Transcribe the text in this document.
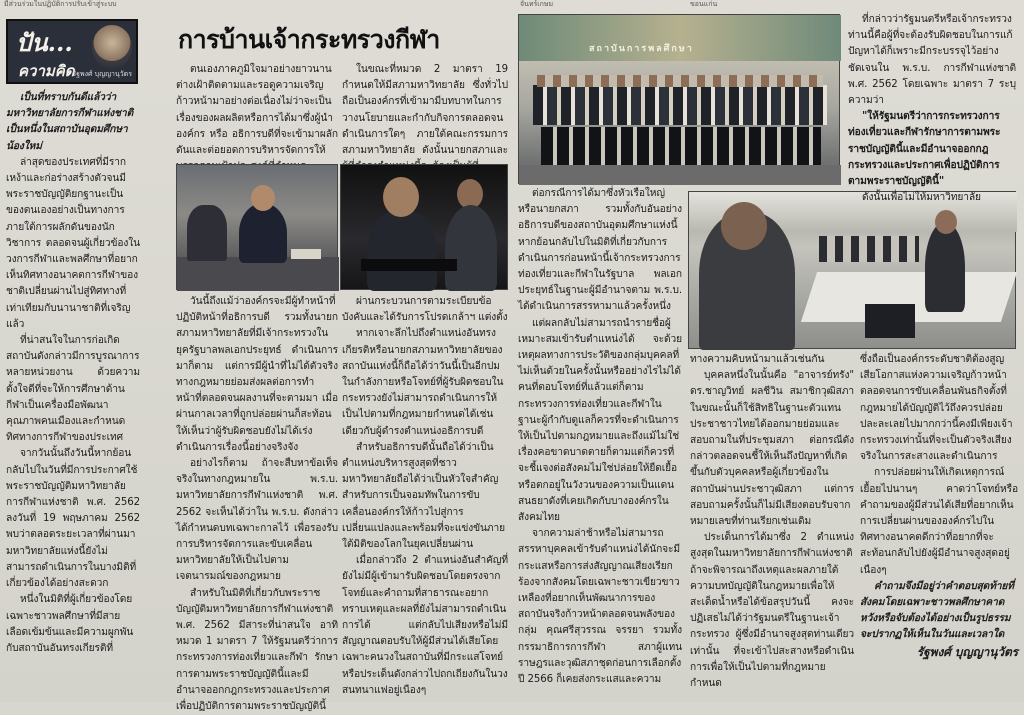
มีส่วนร่วมในปฏิบัติการปรับเข้าสู่ระบบ	จันทร์เกษม	ขอนแก่น
ปัน...
ความคิด
รัฐพงศ์ บุญญานุวัตร
การบ้านเจ้ากระทรวงกีฬา

เป็นที่ทราบกันดีแล้วว่า มหาวิทยาลัยการกีฬาแห่งชาติ เป็นหนึ่งในสถาบันอุดมศึกษาน้องใหม่

ล่าสุดของประเทศที่มีรากเหง้าและก่อร่างสร้างตัวจนมีพระราชบัญญัติยกฐานะเป็นของตนเองอย่างเป็นทางการ ภายใต้การผลักดันของนักวิชาการ ตลอดจนผู้เกี่ยวข้องในวงการกีฬาและพลศึกษาที่อยากเห็นทิศทางอนาคตการกีฬาของชาติเปลี่ยนผ่านไปสู่ทิศทางที่เท่าเทียมกับนานาชาติที่เจริญแล้ว

ที่น่าสนใจในการก่อเกิดสถาบันดังกล่าวมีการบูรณาการหลายหน่วยงาน ด้วยความตั้งใจดีที่จะให้การศึกษาด้านกีฬาเป็นเครื่องมือพัฒนาคุณภาพคนเมืองและกำหนดทิศทางการกีฬาของประเทศ

จากวันนั้นถึงวันนี้หากย้อนกลับไปในวันที่มีการประกาศใช้พระราชบัญญัติมหาวิทยาลัยการกีฬาแห่งชาติ พ.ศ. 2562 ลงวันที่ 19 พฤษภาคม 2562 พบว่าตลอดระยะเวลาที่ผ่านมามหาวิทยาลัยแห่งนี้ยังไม่สามารถดำเนินการในบางมิติที่เกี่ยวข้องได้อย่างสะดวก

หนึ่งในมิติที่ผู้เกี่ยวข้องโดยเฉพาะชาวพลศึกษาที่มีสายเลือดเข้มข้นและมีความผูกพันกับสถาบันอันทรงเกียรติที่

ตนเองภาคภูมิใจมาอย่างยาวนานต่างเฝ้าติดตามและรอดูความเจริญก้าวหน้ามาอย่างต่อเนื่องไม่ว่าจะเป็นเรื่องของผลผลิตหรือการได้มาซึ่งผู้นำองค์กร หรือ อธิการบดีที่จะเข้ามาผลักดันและต่อยอดการบริหารจัดการให้

วันนี้ถึงแม้ว่าองค์กรจะมีผู้ทำหน้าที่ปฏิบัติหน้าที่อธิการบดี รวมทั้งนายกสภามหาวิทยาลัยที่มีเจ้ากระทรวงในยุครัฐบาลพลเอกประยุทธ์ ดำเนินการมาก็ตาม แต่การมีผู้นำที่ไม่ได้ตัวจริงทางกฎหมายย่อมส่งผลต่อการทำหน้าที่ตลอดจนผลงานที่จะตามมา เมื่อผ่านกาลเวลาที่ถูกปล่อยผ่านก็สะท้อนให้เห็นว่าผู้รับผิดชอบยังไม่ได้เร่งดำเนินการเรื่องนี้อย่างจริงจัง

อย่างไรก็ตาม ถ้าจะสืบหาข้อเท็จจริงในทางกฎหมายใน พ.ร.บ. มหาวิทยาลัยการกีฬาแห่งชาติ พ.ศ. 2562 จะเห็นได้ว่าใน พ.ร.บ. ดังกล่าวได้กำหนดบทเฉพาะกาลไว้ เพื่อรองรับการบริหารจัดการและขับเคลื่อนมหาวิทยาลัยให้เป็นไปตามเจตนารมณ์ของกฎหมาย

สำหรับในมิติที่เกี่ยวกับพระราชบัญญัติมหาวิทยาลัยการกีฬาแห่งชาติ พ.ศ. 2562 มีสาระที่น่าสนใจ อาทิ หมวด 1 มาตรา 7 ให้รัฐมนตรีว่าการกระทรวงการท่องเที่ยวและกีฬา รักษาการตามพระราชบัญญัตินี้และมีอำนาจออกกฎกระทรวงและประกาศเพื่อปฏิบัติการตามพระราชบัญญัตินี้

ในขณะที่หมวด 2 มาตรา 19 กำหนดให้มีสภามหาวิทยาลัย ซึ่งทั่วไปถือเป็นองค์กรที่เข้ามามีบทบาทในการวางนโยบายและกำกับกิจการตลอดจนดำเนินการใดๆ ภายใต้คณะกรรมการสภามหาวิทยาลัย ดังนั้นนายกสภาและ

ผ่านกระบวนการตามระเบียบข้อบังคับและได้รับการโปรดเกล้าฯ แต่งตั้ง

หากเจาะลึกไปถึงตำแหน่งอันทรงเกียรติหรือนายกสภามหาวิทยาลัยของสถาบันแห่งนี้ก็ถือได้ว่าวันนี้เป็นอีกปมในกำลังกายหรือโจทย์ที่ผู้รับผิดชอบในกระทรวงยังไม่สามารถดำเนินการให้เป็นไปตามที่กฎหมายกำหนดได้เช่นเดียวกับผู้ดำรงตำแหน่งอธิการบดี

สำหรับอธิการบดีนั้นถือได้ว่าเป็นตำแหน่งบริหารสูงสุดที่ชาวมหาวิทยาลัยถือได้ว่าเป็นหัวใจสำคัญสำหรับการเป็นจอมทัพในการขับเคลื่อนองค์กรให้ก้าวไปสู่การเปลี่ยนแปลงและพร้อมที่จะแข่งขันภายใต้มิติของโลกในยุคเปลี่ยนผ่าน

เมื่อกล่าวถึง 2 ตำแหน่งอันสำคัญที่ยังไม่มีผู้เข้ามารับผิดชอบโดยตรงจากโจทย์และคำถามที่สาธารณะอยากทราบเหตุและผลที่ยังไม่สามารถดำเนินการได้ แต่กลับไปเสียงหรือไม่มีสัญญาณตอบรับให้ผู้มีส่วนได้เสียโดยเฉพาะคนวงในสถาบันที่มีกระแสโจทย์หรือประเด็นดังกล่าวไปถกเถียงกันในวงสนทนาแฟอยู่เนืองๆ

สถาบันการพลศึกษา

ต่อกรณีการได้มาซึ่งหัวเรือใหญ่หรือนายกสภา รวมทั้งกับอันอย่างอธิการบดีของสถาบันอุดมศึกษาแห่งนี้หากย้อนกลับไปในมิติที่เกี่ยวกับการดำเนินการก่อนหน้านี้เจ้ากระทรวงการท่องเที่ยวและกีฬาในรัฐบาล พลเอกประยุทธ์ในฐานะผู้มีอำนาจตาม พ.ร.บ. ได้ดำเนินการสรรหามาแล้วครั้งหนึ่ง

แต่ผลกลับไม่สามารถนำรายชื่อผู้เหมาะสมเข้ารับตำแหน่งได้ จะด้วยเหตุผลทางการประวัติของกลุ่มบุคคลที่ไม่เห็นด้วยในครั้งนั้นหรืออย่างไรไม่ได้คนที่ตอบโจทย์ที่แล้วแต่ก็ตามกระทรวงการท่องเที่ยวและกีฬาในฐานะผู้กำกับดูแลก็ควรที่จะดำเนินการให้เป็นไปตามกฎหมายและถึงแม้ไม่ใช่เรื่องคอขาดบาดตายก็ตามแต่ก็ควรที่จะชี้แจงต่อสังคมไม่ใช่ปล่อยให้ยืดเยื้อหรือตกอยู่ในวังวนของความเป็นแดนสนธยาดังที่เคยเกิดกับบางองค์กรในสังคมไทย

จากความล่าช้าหรือไม่สามารถสรรหาบุคคลเข้ารับตำแหน่งได้นักจะมีกระแสหรือการส่งสัญญาณเสียงเรียกร้องจากสังคมโดยเฉพาะชาวเขียวขาวเหลืองที่อยากเห็นพัฒนาการของสถาบันจริงก้าวหน้าตลอดจนพลังของกลุ่ม คุณศรีสุวรรณ จรรยา รวมทั้งกรรมาธิการการกีฬา สภาผู้แทนราษฎรและวุฒิสภาชุดก่อนการเลือกตั้งปี 2566 ก็เคยส่งกระแสและความ

ทางความคิบหน้ามาแล้วเช่นกัน

บุคคลหนึ่งในนั้นคือ "อาจารย์ทรัง" ดร.ชาญวิทย์ ผลชีวิน สมาชิกวุฒิสภาในขณะนั้นก็ใช้สิทธิในฐานะตัวแทนประชาชาวไทยได้ออกมายย่อมและสอบถามในที่ประชุมสภา ต่อกรณีดังกล่าวตลอดจนชี้ให้เห็นถึงปัญหาที่เกิดขึ้นกับตัวบุคคลหรือผู้เกี่ยวข้องในสถาบันผ่านประชาวุฒิสภา แต่การสอบถามครั้งนั้นก็ไม่มีเสียงตอบรับจากหมายเลขที่ท่านเรียกเช่นเดิม

ประเด็นการได้มาซึ่ง 2 ตำแหน่งสูงสุดในมหาวิทยาลัยการกีฬาแห่งชาติถ้าจะพิจารณาถึงเหตุและผลภายใต้ความบทบัญญัติในกฎหมายเพื่อให้สะเด็ดน้ำหรือได้ข้อสรุปวันนี้ คงจะปฏิเสธไม่ได้ว่ารัฐมนตรีในฐานะเจ้ากระทรวง ผู้ซึ่งมีอำนาจสูงสุดท่านเดียวเท่านั้น ที่จะเข้าไปสะสางหรือดำเนินการเพื่อให้เป็นไปตามที่กฎหมายกำหนด

ที่กล่าวว่ารัฐมนตรีหรือเจ้ากระทรวงท่านนี้คือผู้ที่จะต้องรับผิดชอบในการแก้ปัญหาได้ก็เพราะมีกระบรรจุไว้อย่างชัดเจนใน พ.ร.บ. การกีฬาแห่งชาติ พ.ศ. 2562 โดยเฉพาะ มาตรา 7 ระบุความว่า

"ให้รัฐมนตรีว่าการกระทรวงการท่องเที่ยวและกีฬารักษาการตามพระราชบัญญัตินี้และมีอำนาจออกกฎกระทรวงและประกาศเพื่อปฏิบัติการตามพระราชบัญญัตินี้"

ดังนั้นเพื่อไม่ให้มหาวิทยาลัย

ซึ่งถือเป็นองค์กรระดับชาติต้องสูญเสียโอกาสแห่งความเจริญก้าวหน้าตลอดจนการขับเคลื่อนพันธกิจตั้งที่กฎหมายได้บัญญัติไว้ถึงควรปล่อยปละละเลยไปมากกว่านี้คงมีเพียงเจ้ากระทรวงเท่านั้นที่จะเป็นตัวจริงเสียงจริงในการสะสางและดำเนินการ

การปล่อยผ่านให้เกิดเหตุการณ์เยื้อยไปนานๆ คาดว่าโจทย์หรือคำถามของผู้มีส่วนได้เสียที่อยากเห็นการเปลี่ยนผ่านขององค์กรไปในทิศทางอนาคตดีกว่าที่อยากที่จะสะท้อนกลับไปยังผู้มีอำนาจสูงสุดอยู่เนืองๆ

คำถามจึงมีอยู่ว่าคำตอบสุดท้ายที่สังคมโดยเฉพาะชาวพลศึกษาคาดหวังหรือจับต้องได้อย่างเป็นรูปธรรมจะปรากฏให้เห็นในวันและเวลาใด

รัฐพงศ์ บุญญานุวัตร
